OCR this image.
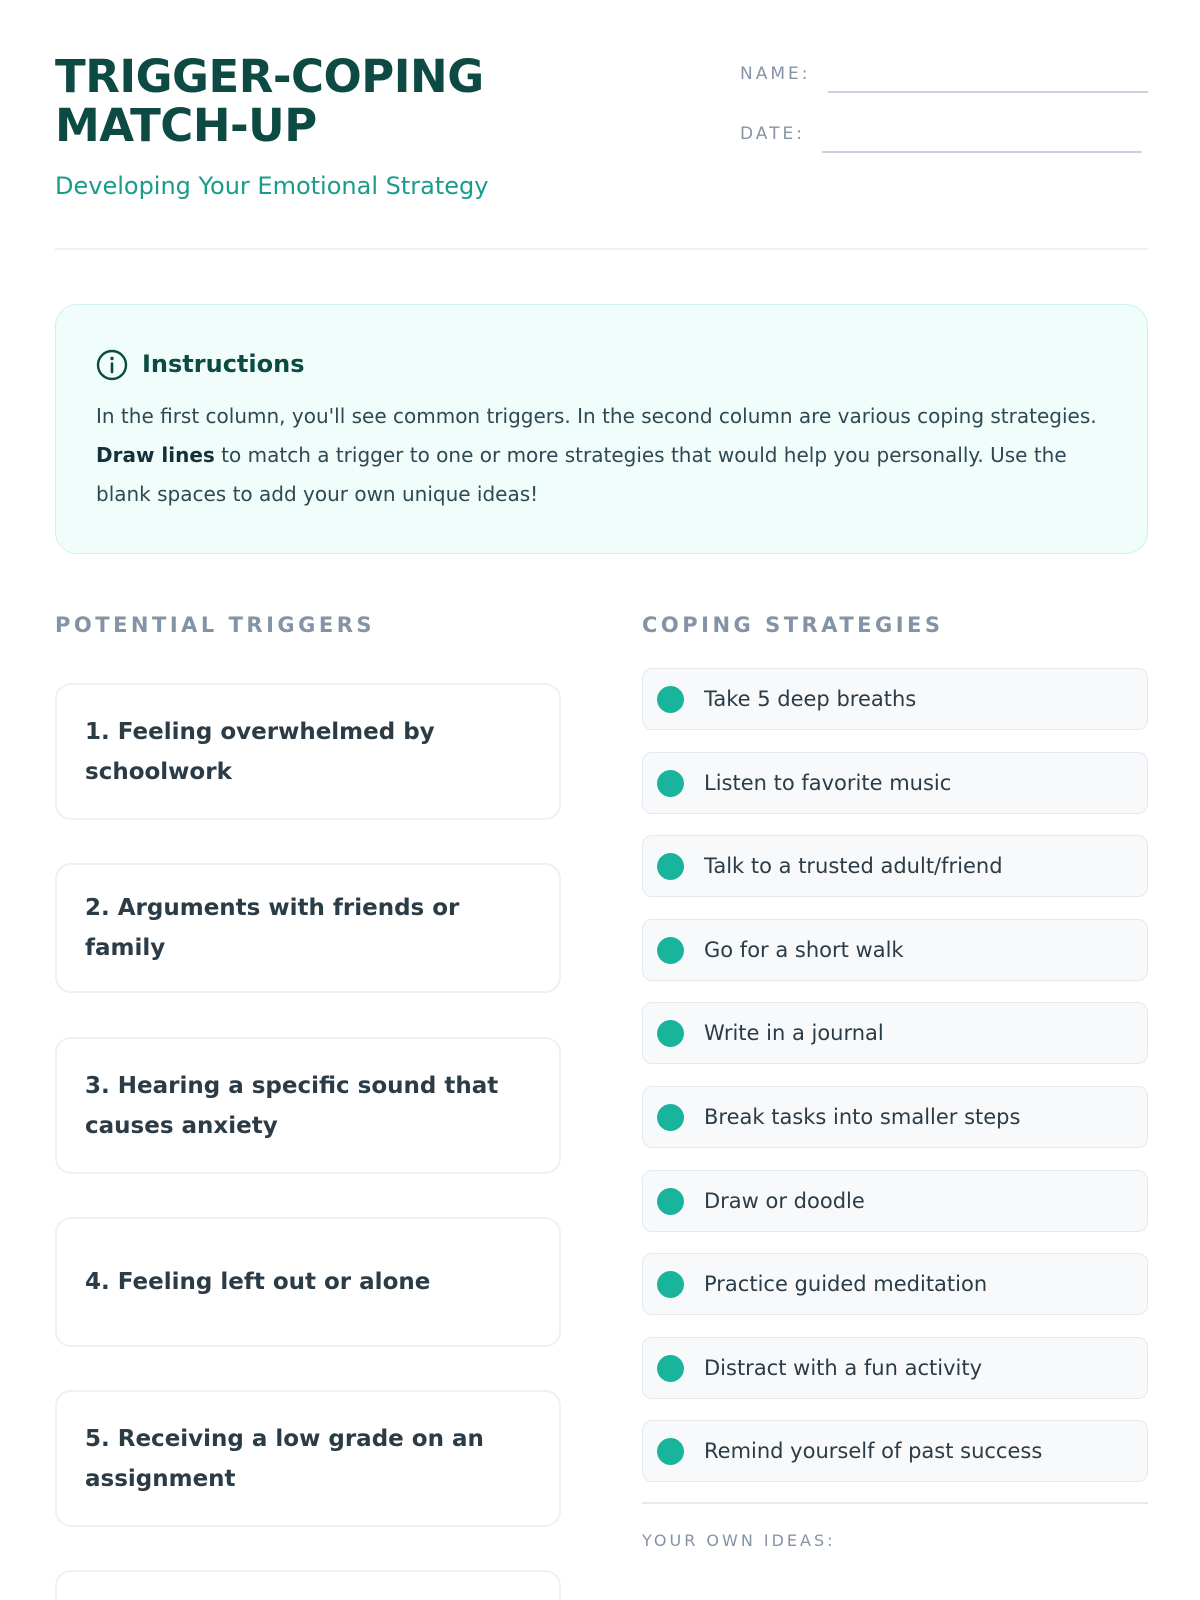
TRIGGER-COPING MATCH-UP
Developing Your Emotional Strategy
NAME:
DATE:
Instructions
In the first column, you'll see common triggers. In the second column are various coping strategies. Draw lines to match a trigger to one or more strategies that would help you personally. Use the blank spaces to add your own unique ideas!
POTENTIAL TRIGGERS	COPING STRATEGIES
1. Feeling overwhelmed by schoolwork
2. Arguments with friends or family
3. Hearing a specific sound that causes anxiety
4. Feeling left out or alone
5. Receiving a low grade on an assignment
Take 5 deep breaths
Listen to favorite music
Talk to a trusted adult/friend
Go for a short walk
Write in a journal
Break tasks into smaller steps
Draw or doodle
Practice guided meditation
Distract with a fun activity
Remind yourself of past success
YOUR OWN IDEAS:
